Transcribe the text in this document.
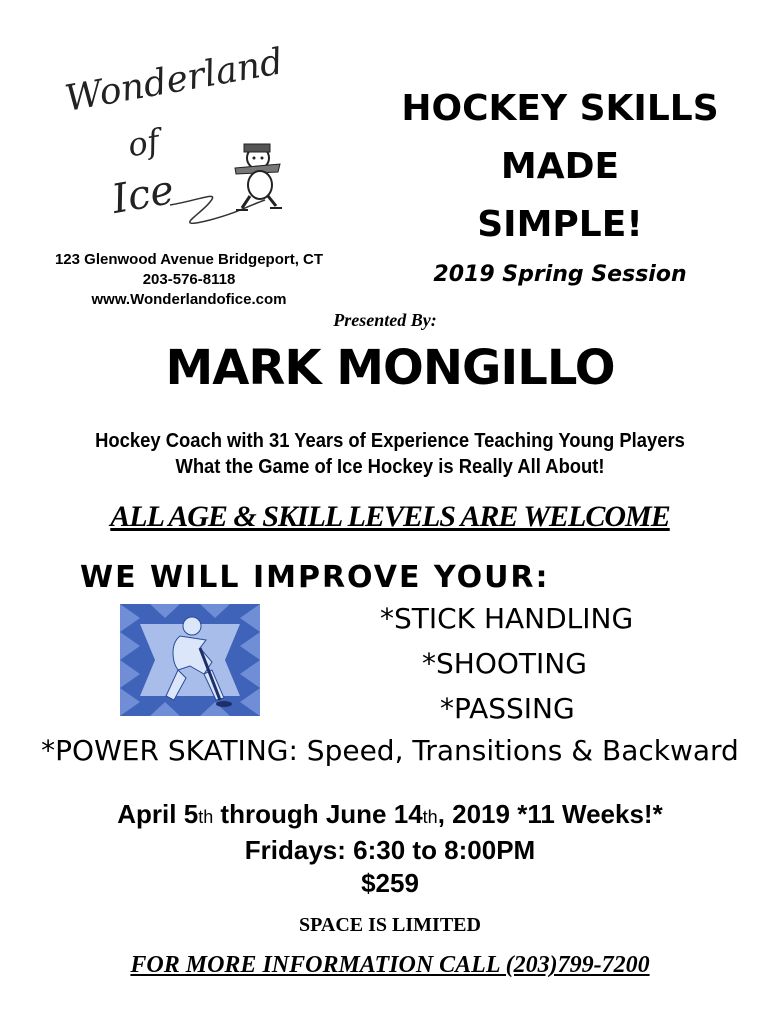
Wonderland
of
Ice
123 Glenwood Avenue Bridgeport, CT
203-576-8118
www.Wonderlandofice.com
HOCKEY SKILLS
MADE
SIMPLE!
2019 Spring Session
Presented By:
MARK MONGILLO
Hockey Coach with 31 Years of Experience Teaching Young Players
What the Game of Ice Hockey is Really All About!
ALL AGE & SKILL LEVELS ARE WELCOME
WE WILL IMPROVE YOUR:
*STICK HANDLING
*SHOOTING
*PASSING
*POWER SKATING: Speed, Transitions & Backward
April 5th through June 14th, 2019 *11 Weeks!*
Fridays: 6:30 to 8:00PM
$259
SPACE IS LIMITED
FOR MORE INFORMATION CALL (203)799-7200
